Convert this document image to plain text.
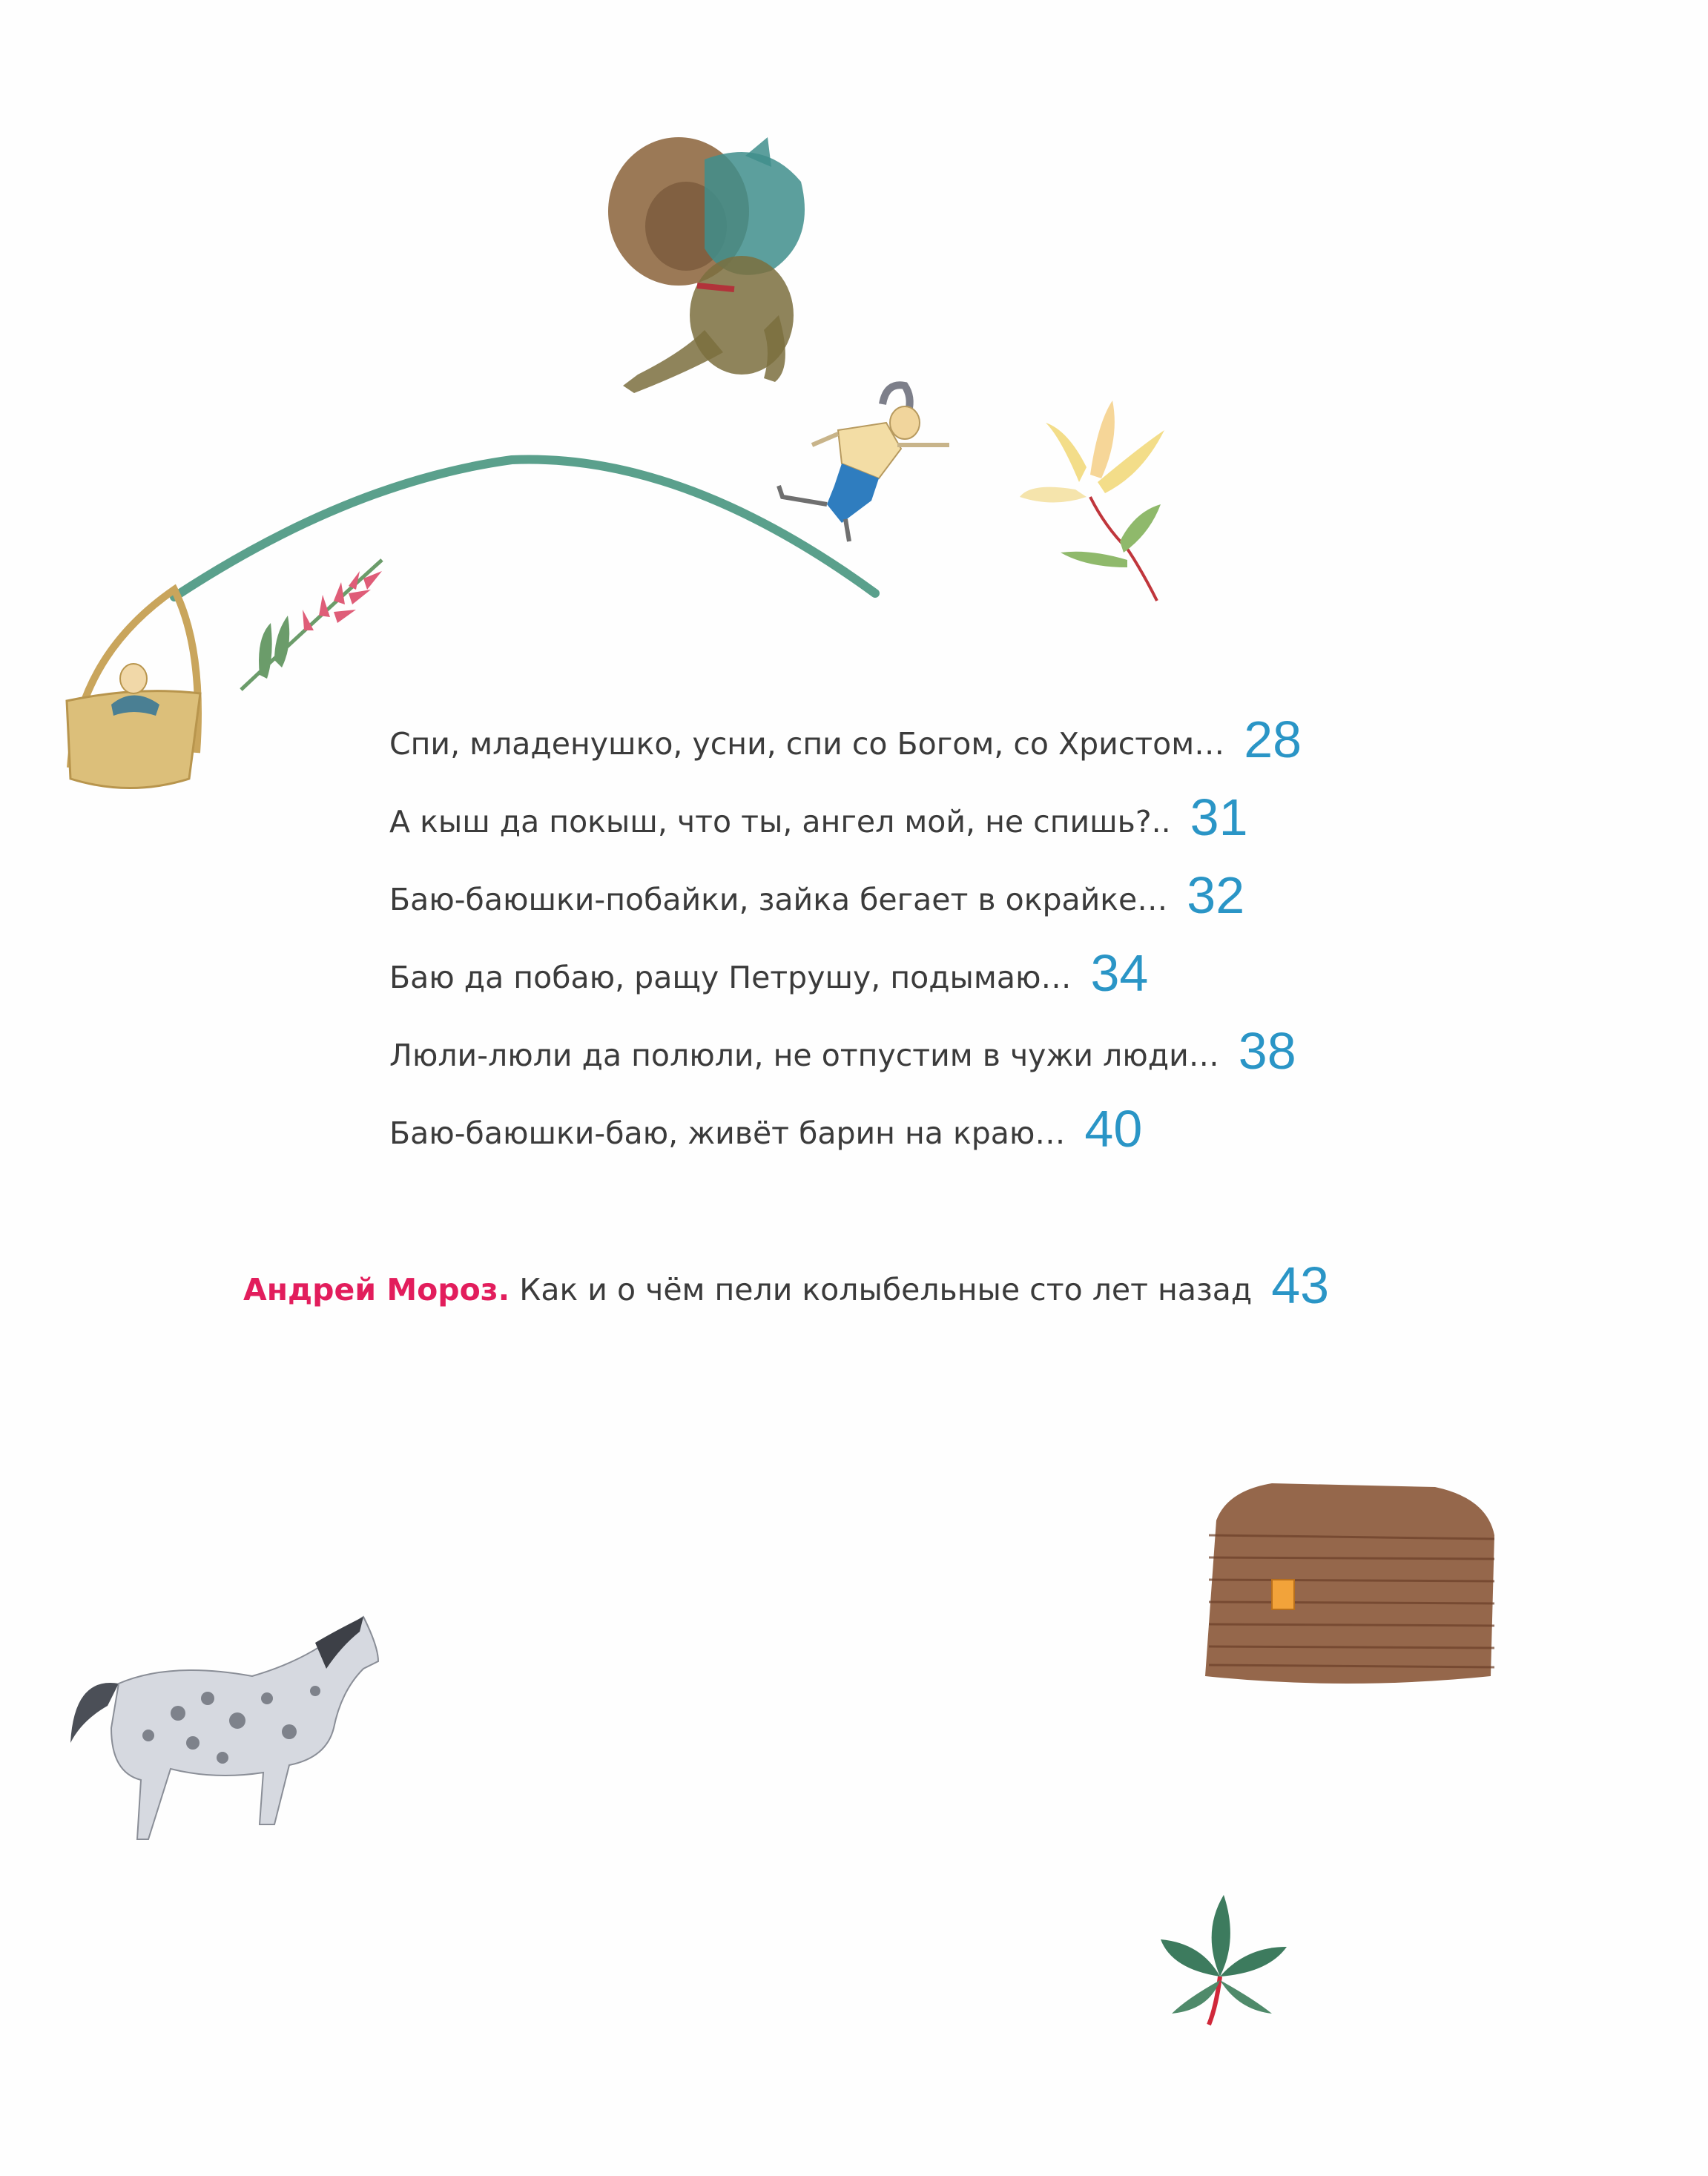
Спи, младенушко, усни, спи со Богом, со Христом… 28
А кыш да покыш, что ты, ангел мой, не спишь?.. 31
Баю-баюшки-побайки, зайка бегает в окрайке… 32
Баю да побаю, ращу Петрушу, подымаю… 34
Люли-люли да полюли, не отпустим в чужи люди… 38
Баю-баюшки-баю, живёт барин на краю… 40
Андрей Мороз. Как и о чём пели колыбельные сто лет назад 43
